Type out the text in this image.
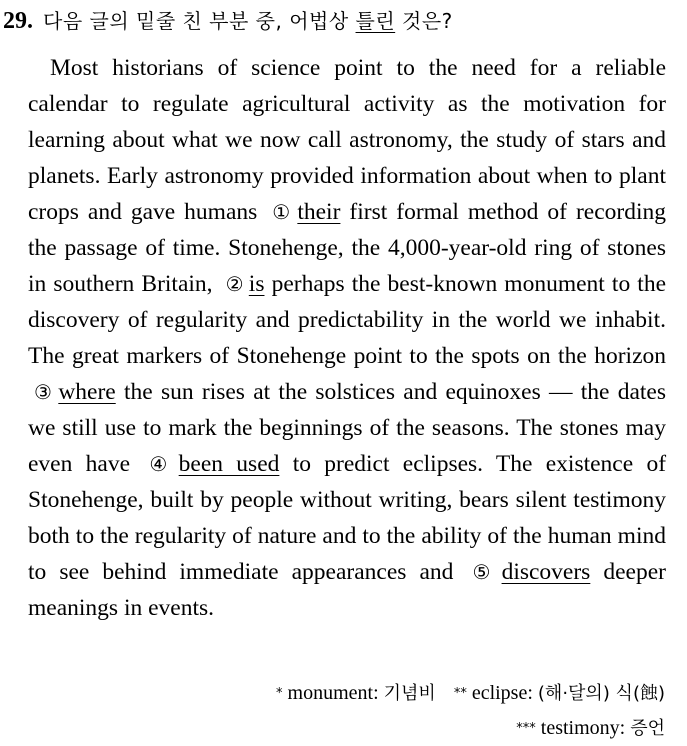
29. 다음 글의 밑줄 친 부분 중, 어법상 틀린 것은?

Most historians of science point to the need for a reliable calendar to regulate agricultural activity as the motivation for learning about what we now call astronomy, the study of stars and planets. Early astronomy provided information about when to plant crops and gave humans ① their first formal method of recording the passage of time. Stonehenge, the 4,000-year-old ring of stones in southern Britain, ② is perhaps the best-known monument to the discovery of regularity and predictability in the world we inhabit. The great markers of Stonehenge point to the spots on the horizon ③ where the sun rises at the solstices and equinoxes — the dates we still use to mark the beginnings of the seasons. The stones may even have ④ been used to predict eclipses. The existence of Stonehenge, built by people without writing, bears silent testimony both to the regularity of nature and to the ability of the human mind to see behind immediate appearances and ⑤ discovers deeper meanings in events.

* monument: 기념비 ** eclipse: (해·달의) 식(蝕)
*** testimony: 증언
